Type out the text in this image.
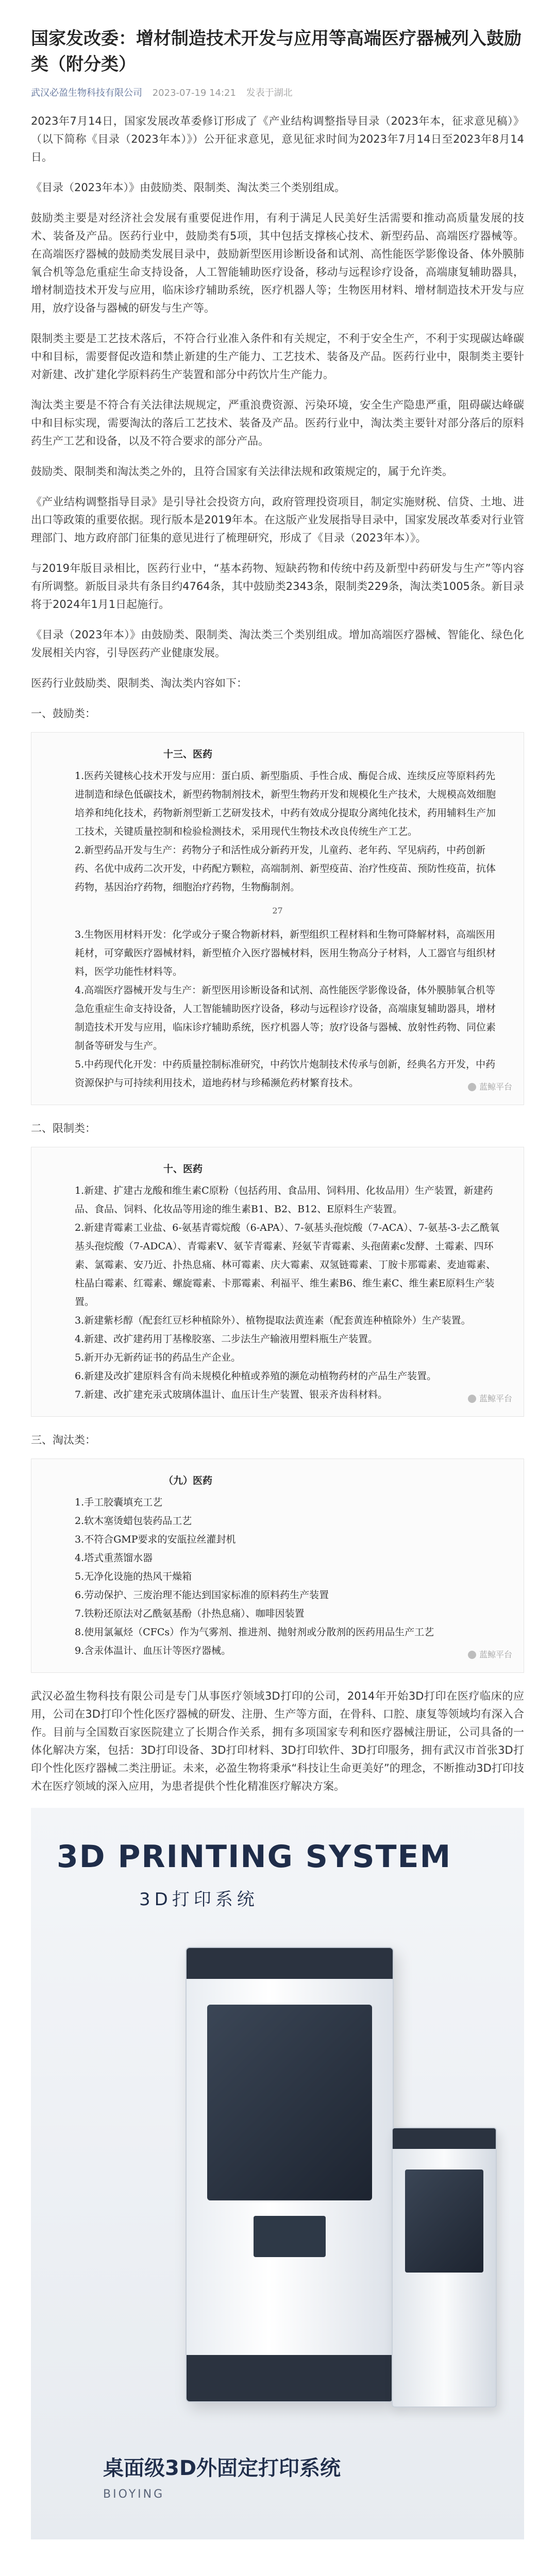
国家发改委：增材制造技术开发与应用等高端医疗器械列入鼓励类（附分类）
武汉必盈生物科技有限公司 2023-07-19 14:21 发表于湖北

2023年7月14日，国家发展改革委修订形成了《产业结构调整指导目录（2023年本，征求意见稿）》（以下简称《目录（2023年本）》）公开征求意见，意见征求时间为2023年7月14日至2023年8月14日。

《目录（2023年本）》由鼓励类、限制类、淘汰类三个类别组成。

鼓励类主要是对经济社会发展有重要促进作用，有利于满足人民美好生活需要和推动高质量发展的技术、装备及产品。医药行业中，鼓励类有5项，其中包括支撑核心技术、新型药品、高端医疗器械等。在高端医疗器械的鼓励类发展目录中，鼓励新型医用诊断设备和试剂、高性能医学影像设备、体外膜肺氧合机等急危重症生命支持设备，人工智能辅助医疗设备，移动与远程诊疗设备，高端康复辅助器具，增材制造技术开发与应用，临床诊疗辅助系统，医疗机器人等；生物医用材料、增材制造技术开发与应用，放疗设备与器械的研发与生产等。

限制类主要是工艺技术落后，不符合行业准入条件和有关规定，不利于安全生产，不利于实现碳达峰碳中和目标，需要督促改造和禁止新建的生产能力、工艺技术、装备及产品。医药行业中，限制类主要针对新建、改扩建化学原料药生产装置和部分中药饮片生产能力。

淘汰类主要是不符合有关法律法规规定，严重浪费资源、污染环境，安全生产隐患严重，阻碍碳达峰碳中和目标实现，需要淘汰的落后工艺技术、装备及产品。医药行业中，淘汰类主要针对部分落后的原料药生产工艺和设备，以及不符合要求的部分产品。

鼓励类、限制类和淘汰类之外的，且符合国家有关法律法规和政策规定的，属于允许类。

《产业结构调整指导目录》是引导社会投资方向，政府管理投资项目，制定实施财税、信贷、土地、进出口等政策的重要依据。现行版本是2019年本。在这版产业发展指导目录中，国家发展改革委对行业管理部门、地方政府部门征集的意见进行了梳理研究，形成了《目录（2023年本）》。

与2019年版目录相比，医药行业中，“基本药物、短缺药物和传统中药及新型中药研发与生产”等内容有所调整。新版目录共有条目约4764条，其中鼓励类2343条，限制类229条，淘汰类1005条。新目录将于2024年1月1日起施行。

《目录（2023年本）》由鼓励类、限制类、淘汰类三个类别组成。增加高端医疗器械、智能化、绿色化发展相关内容，引导医药产业健康发展。

医药行业鼓励类、限制类、淘汰类内容如下：

一、鼓励类：

十三、医药

1.医药关键核心技术开发与应用：蛋白质、新型脂质、手性合成、酶促合成、连续反应等原料药先进制造和绿色低碳技术，新型药物制剂技术，新型生物药开发和规模化生产技术，大规模高效细胞培养和纯化技术，药物新剂型新工艺研发技术，中药有效成分提取分离纯化技术，药用辅料生产加工技术，关键质量控制和检验检测技术，采用现代生物技术改良传统生产工艺。

2.新型药品开发与生产：药物分子和活性成分新药开发，儿童药、老年药、罕见病药，中药创新药、名优中成药二次开发，中药配方颗粒，高端制剂、新型疫苗、治疗性疫苗、预防性疫苗，抗体药物，基因治疗药物，细胞治疗药物，生物酶制剂。

27

3.生物医用材料开发：化学或分子聚合物新材料，新型组织工程材料和生物可降解材料，高端医用耗材，可穿戴医疗器械材料，新型植介入医疗器械材料，医用生物高分子材料，人工器官与组织材料，医学功能性材料等。

4.高端医疗器械开发与生产：新型医用诊断设备和试剂、高性能医学影像设备，体外膜肺氧合机等急危重症生命支持设备，人工智能辅助医疗设备，移动与远程诊疗设备，高端康复辅助器具，增材制造技术开发与应用，临床诊疗辅助系统，医疗机器人等；放疗设备与器械、放射性药物、同位素制备等研发与生产。

5.中药现代化开发：中药质量控制标准研究，中药饮片炮制技术传承与创新，经典名方开发，中药资源保护与可持续利用技术，道地药材与珍稀濒危药材繁育技术。	蓝鲸平台
二、限制类：

十、医药

1.新建、扩建古龙酸和维生素C原粉（包括药用、食品用、饲料用、化妆品用）生产装置，新建药品、食品、饲料、化妆品等用途的维生素B1、B2、B12、E原料生产装置。

2.新建青霉素工业盐、6-氨基青霉烷酸（6-APA）、7-氨基头孢烷酸（7-ACA）、7-氨基-3-去乙酰氧基头孢烷酸（7-ADCA）、青霉素V、氨苄青霉素、羟氨苄青霉素、头孢菌素c发酵、土霉素、四环素、氯霉素、安乃近、扑热息痛、林可霉素、庆大霉素、双氢链霉素、丁胺卡那霉素、麦迪霉素、柱晶白霉素、红霉素、螺旋霉素、卡那霉素、利福平、维生素B6、维生素C、维生素E原料生产装置。

3.新建紫杉醇（配套红豆杉种植除外）、植物提取法黄连素（配套黄连种植除外）生产装置。

4.新建、改扩建药用丁基橡胶塞、二步法生产输液用塑料瓶生产装置。

5.新开办无新药证书的药品生产企业。

6.新建及改扩建原料含有尚未规模化种植或养殖的濒危动植物药材的产品生产装置。

7.新建、改扩建充汞式玻璃体温计、血压计生产装置、银汞齐齿科材料。	蓝鲸平台
三、淘汰类：

（九）医药

1.手工胶囊填充工艺

2.软木塞烫蜡包装药品工艺

3.不符合GMP要求的安瓿拉丝灌封机

4.塔式重蒸馏水器

5.无净化设施的热风干燥箱

6.劳动保护、三废治理不能达到国家标准的原料药生产装置

7.铁粉还原法对乙酰氨基酚（扑热息痛）、咖啡因装置

8.使用氯氟烃（CFCs）作为气雾剂、推进剂、抛射剂或分散剂的医药用品生产工艺

9.含汞体温计、血压计等医疗器械。	蓝鲸平台

武汉必盈生物科技有限公司是专门从事医疗领域3D打印的公司，2014年开始3D打印在医疗临床的应用，公司在3D打印个性化医疗器械的研发、注册、生产等方面，在骨科、口腔、康复等领域均有深入合作。目前与全国数百家医院建立了长期合作关系，拥有多项国家专利和医疗器械注册证，公司具备的一体化解决方案，包括：3D打印设备、3D打印材料、3D打印软件、3D打印服务，拥有武汉市首张3D打印个性化医疗器械二类注册证。未来，必盈生物将秉承“科技让生命更美好”的理念，不断推动3D打印技术在医疗领域的深入应用，为患者提供个性化精准医疗解决方案。

3D PRINTING SYSTEM
3D打印系统
桌面级3D外固定打印系统
BIOYING
